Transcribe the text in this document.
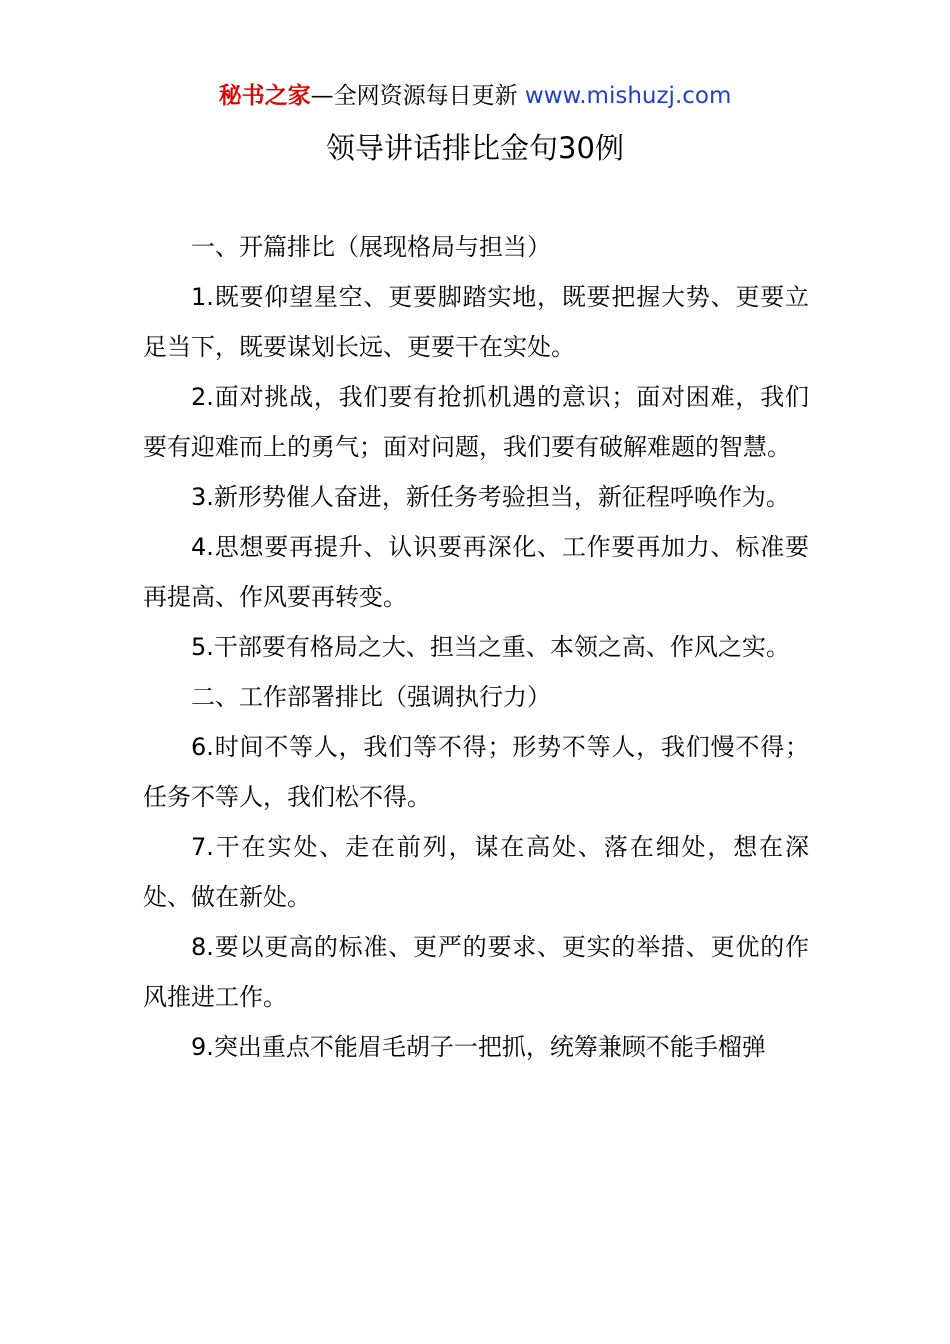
秘书之家—全网资源每日更新 www.mishuzj.com
领导讲话排比金句30例

一、开篇排比（展现格局与担当）

1.既要仰望星空、更要脚踏实地，既要把握大势、更要立足当下，既要谋划长远、更要干在实处。

2.面对挑战，我们要有抢抓机遇的意识；面对困难，我们要有迎难而上的勇气；面对问题，我们要有破解难题的智慧。

3.新形势催人奋进，新任务考验担当，新征程呼唤作为。

4.思想要再提升、认识要再深化、工作要再加力、标准要再提高、作风要再转变。

5.干部要有格局之大、担当之重、本领之高、作风之实。

二、工作部署排比（强调执行力）

6.时间不等人，我们等不得；形势不等人，我们慢不得；任务不等人，我们松不得。

7.干在实处、走在前列，谋在高处、落在细处，想在深处、做在新处。

8.要以更高的标准、更严的要求、更实的举措、更优的作风推进工作。

9.突出重点不能眉毛胡子一把抓，统筹兼顾不能手榴弹
